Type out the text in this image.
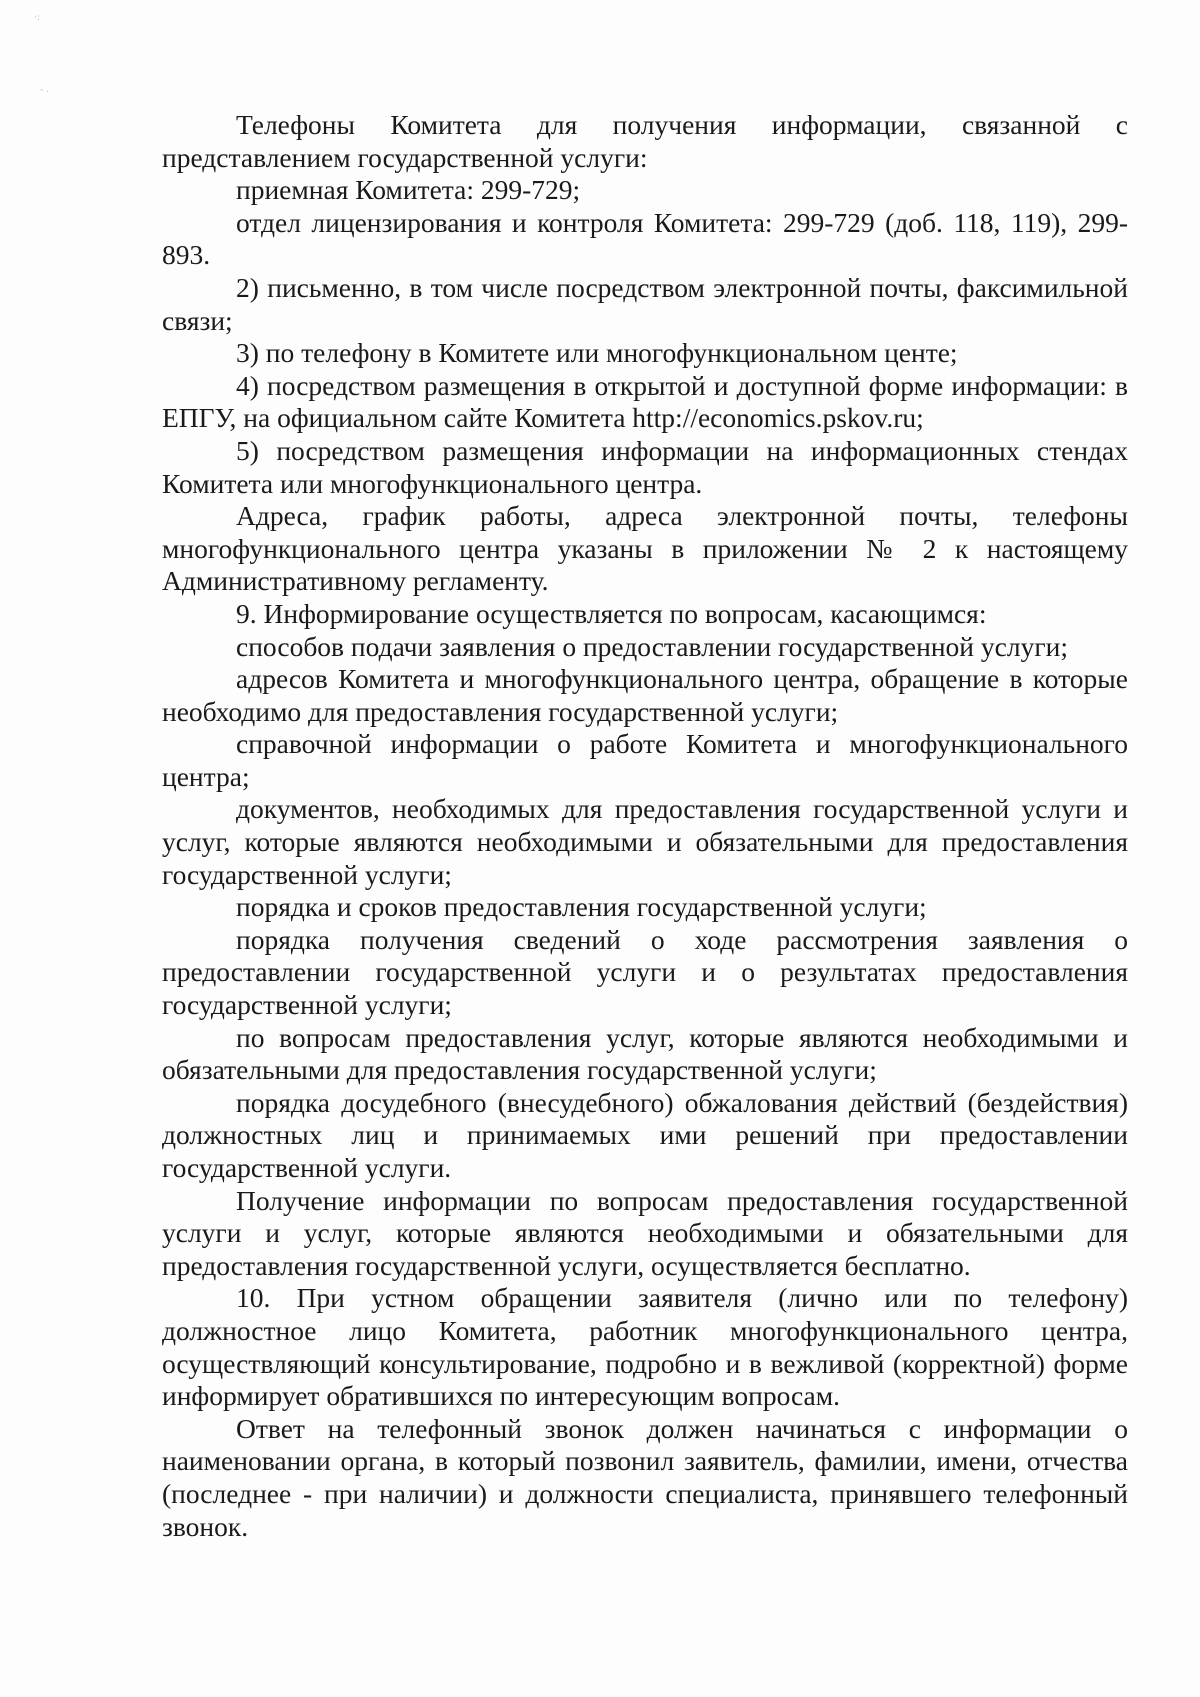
·:
- .

Телефоны Комитета для получения информации, связанной с представлением государственной услуги:

приемная Комитета: 299-729;

отдел лицензирования и контроля Комитета: 299-729 (доб. 118, 119), 299-893.

2) письменно, в том числе посредством электронной почты, факсимильной связи;

3) по телефону в Комитете или многофункциональном центе;

4) посредством размещения в открытой и доступной форме информации: в ЕПГУ, на официальном сайте Комитета http://economics.pskov.ru;

5) посредством размещения информации на информационных стендах Комитета или многофункционального центра.

Адреса, график работы, адреса электронной почты, телефоны многофункционального центра указаны в приложении № 2 к настоящему Административному регламенту.

9. Информирование осуществляется по вопросам, касающимся:

способов подачи заявления о предоставлении государственной услуги;

адресов Комитета и многофункционального центра, обращение в которые необходимо для предоставления государственной услуги;

справочной информации о работе Комитета и многофункционального центра;

документов, необходимых для предоставления государственной услуги и услуг, которые являются необходимыми и обязательными для предоставления государственной услуги;

порядка и сроков предоставления государственной услуги;

порядка получения сведений о ходе рассмотрения заявления о предоставлении государственной услуги и о результатах предоставления государственной услуги;

по вопросам предоставления услуг, которые являются необходимыми и обязательными для предоставления государственной услуги;

порядка досудебного (внесудебного) обжалования действий (бездействия) должностных лиц и принимаемых ими решений при предоставлении государственной услуги.

Получение информации по вопросам предоставления государственной услуги и услуг, которые являются необходимыми и обязательными для предоставления государственной услуги, осуществляется бесплатно.

10. При устном обращении заявителя (лично или по телефону) должностное лицо Комитета, работник многофункционального центра, осуществляющий консультирование, подробно и в вежливой (корректной) форме информирует обратившихся по интересующим вопросам.

Ответ на телефонный звонок должен начинаться с информации о наименовании органа, в который позвонил заявитель, фамилии, имени, отчества (последнее - при наличии) и должности специалиста, принявшего телефонный звонок.
